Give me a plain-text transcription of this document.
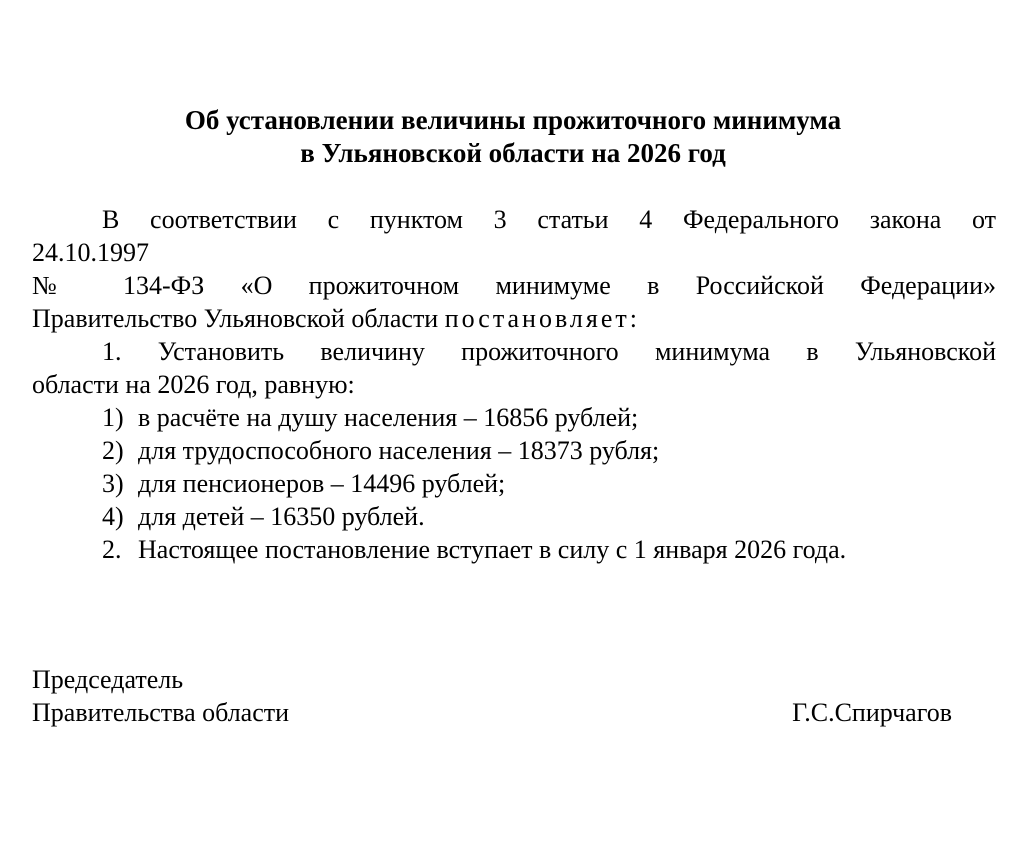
Об установлении величины прожиточного минимума
в Ульяновской области на 2026 год
В соответствии с пунктом 3 статьи 4 Федерального закона от
24.10.1997
№ 134-ФЗ «О прожиточном минимуме в Российской Федерации»
Правительство Ульяновской области постановляет:
1. Установить величину прожиточного минимума в Ульяновской
области на 2026 год, равную:
1) в расчёте на душу населения – 16856 рублей;
2) для трудоспособного населения – 18373 рубля;
3) для пенсионеров – 14496 рублей;
4) для детей – 16350 рублей.
2. Настоящее постановление вступает в силу с 1 января 2026 года.
Председатель
Правительства области	Г.С.Спирчагов
